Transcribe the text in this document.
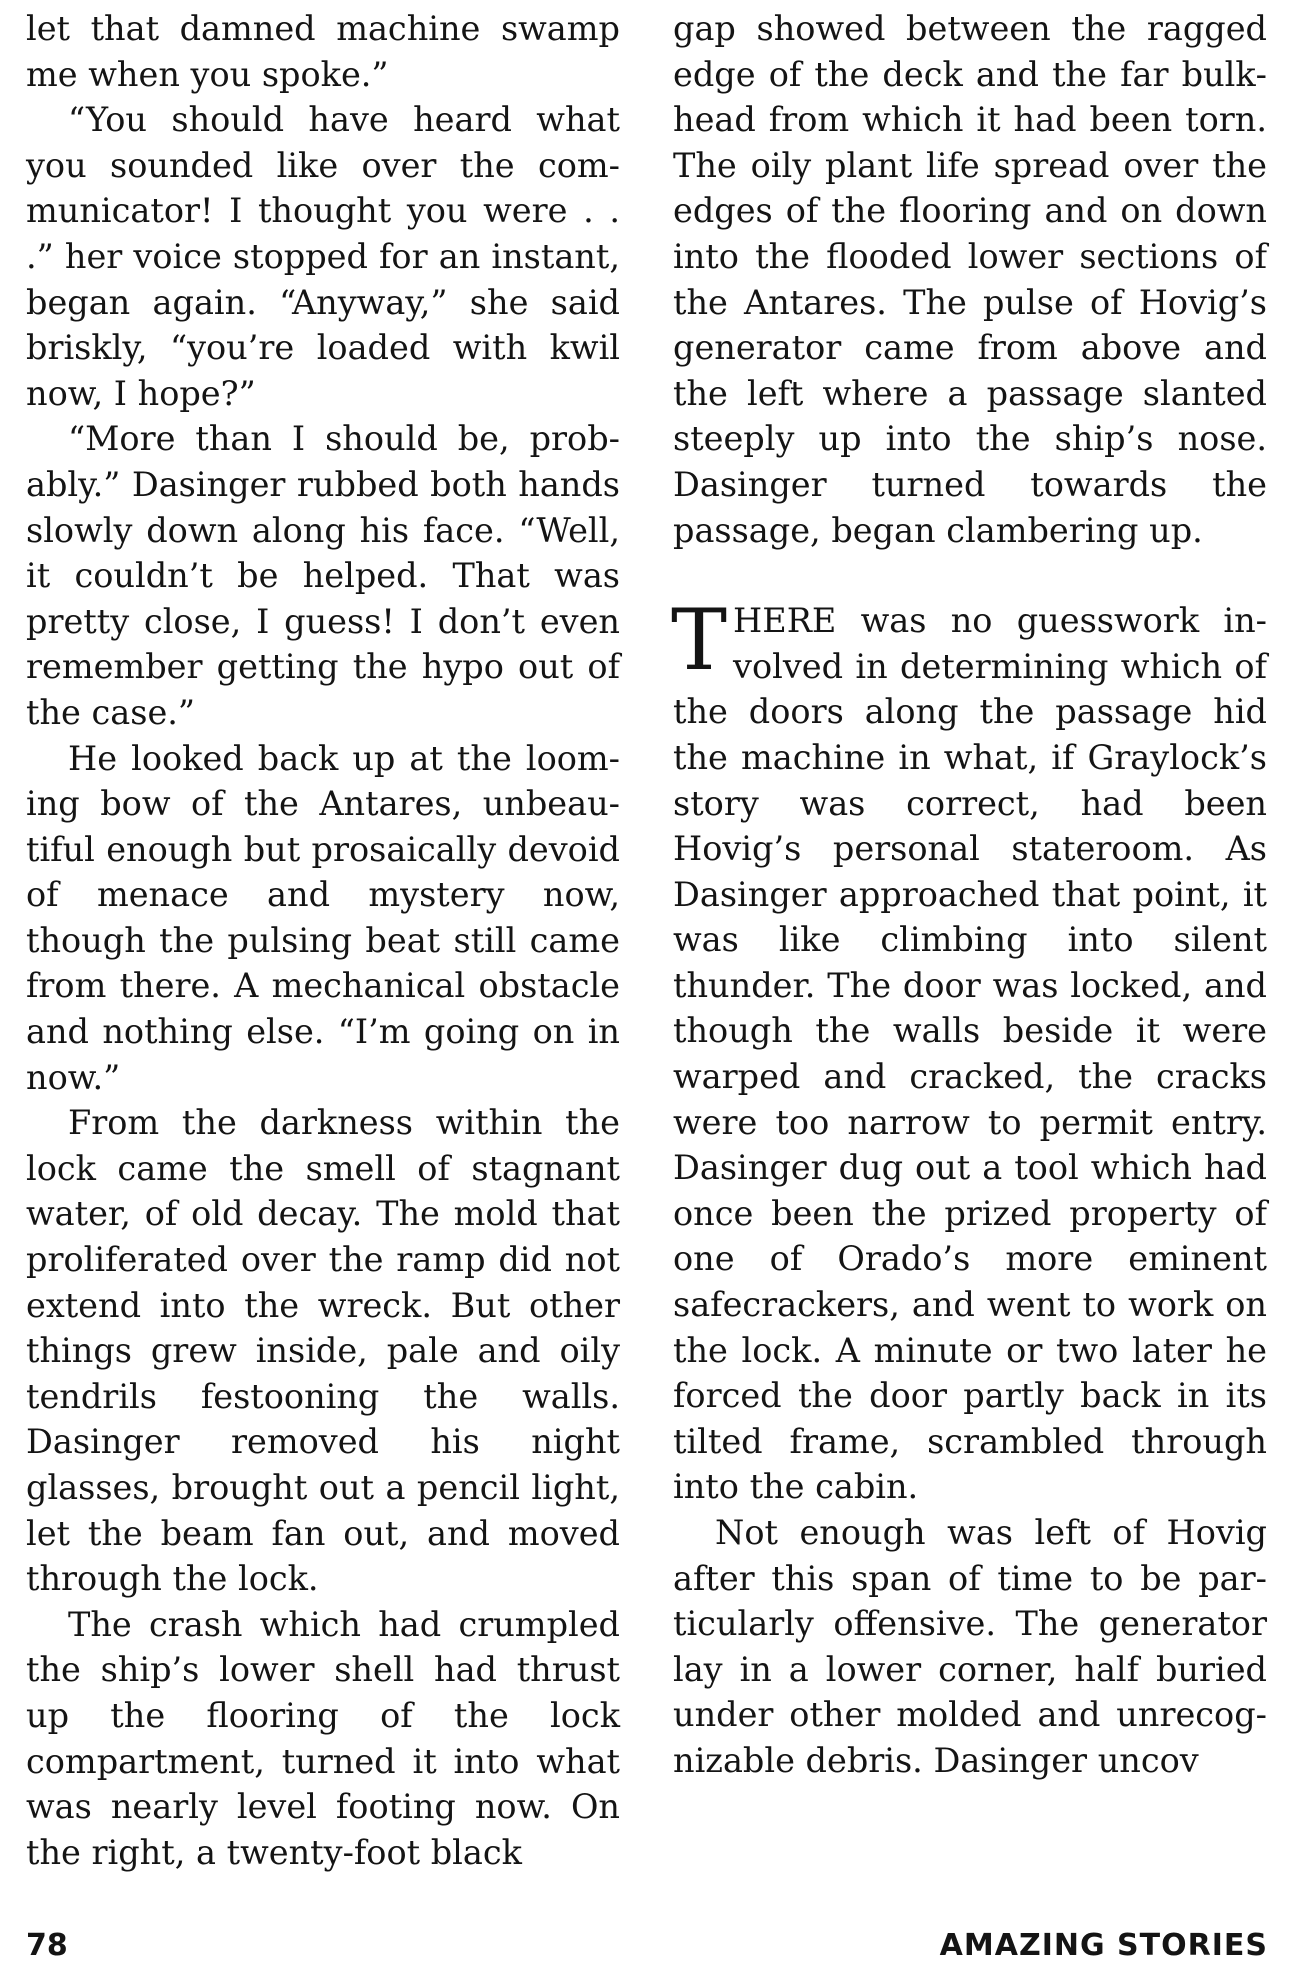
let that damned machine swamp me when you spoke.”

“You should have heard what you sounded like over the communicator! I thought you were . . .” her voice stopped for an instant, began again. “Anyway,” she said briskly, “you’re loaded with kwil now, I hope?”

“More than I should be, probably.” Dasinger rubbed both hands slowly down along his face. “Well, it couldn’t be helped. That was pretty close, I guess! I don’t even remember getting the hypo out of the case.”

He looked back up at the looming bow of the Antares, unbeautiful enough but prosaically devoid of menace and mystery now, though the pulsing beat still came from there. A mechanical obstacle and nothing else. “I’m going on in now.”

From the darkness within the lock came the smell of stagnant water, of old decay. The mold that proliferated over the ramp did not extend into the wreck. But other things grew inside, pale and oily tendrils festooning the walls. Dasinger removed his night glasses, brought out a pencil light, let the beam fan out, and moved through the lock.

The crash which had crumpled the ship’s lower shell had thrust up the flooring of the lock compartment, turned it into what was nearly level footing now. On the right, a twenty-foot black

gap showed between the ragged edge of the deck and the far bulkhead from which it had been torn. The oily plant life spread over the edges of the flooring and on down into the flooded lower sections of the Antares. The pulse of Hovig’s generator came from above and the left where a passage slanted steeply up into the ship’s nose. Dasinger turned towards the passage, began clambering up.

THERE was no guesswork involved in determining which of the doors along the passage hid the machine in what, if Graylock’s story was correct, had been Hovig’s personal stateroom. As Dasinger approached that point, it was like climbing into silent thunder. The door was locked, and though the walls beside it were warped and cracked, the cracks were too narrow to permit entry. Dasinger dug out a tool which had once been the prized property of one of Orado’s more eminent safecrackers, and went to work on the lock. A minute or two later he forced the door partly back in its tilted frame, scrambled through into the cabin.

Not enough was left of Hovig after this span of time to be particularly offensive. The generator lay in a lower corner, half buried under other molded and unrecognizable debris. Dasinger uncov

78	AMAZING STORIES
